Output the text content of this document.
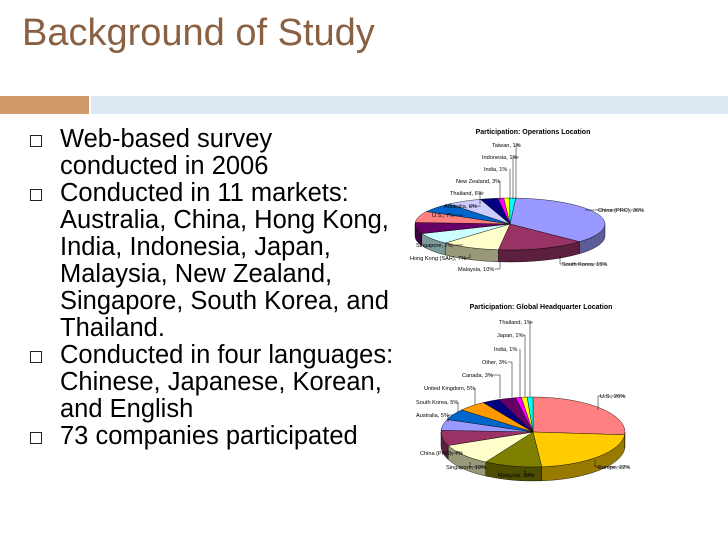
Background of Study
Web-based survey conducted in 2006
Conducted in 11 markets: Australia, China, Hong Kong, India, Indonesia, Japan, Malaysia, New Zealand, Singapore, South Korea, and Thailand.
Conducted in four languages: Chinese, Japanese, Korean, and English
73 companies participated
Participation: Operations Location
China (PRC), 36%
South Korea, 15%
Malaysia, 10%
Hong Kong (SAR), 7%
Singapore, 7%
U.S., 7%
Australia, 6%
Thailand, 6%
New Zealand, 3%
India, 1%
Indonesia, 1%
Taiwan, 1%
Participation: Global Headquarter Location
U.S., 26%
Europe, 22%
Malaysia, 10%
Singapore, 10%
China (PRC), 7%
Australia, 5%
South Korea, 5%
United Kingdom, 5%
Canada, 3%
Other, 3%
India, 1%
Japan, 1%
Thailand, 1%
